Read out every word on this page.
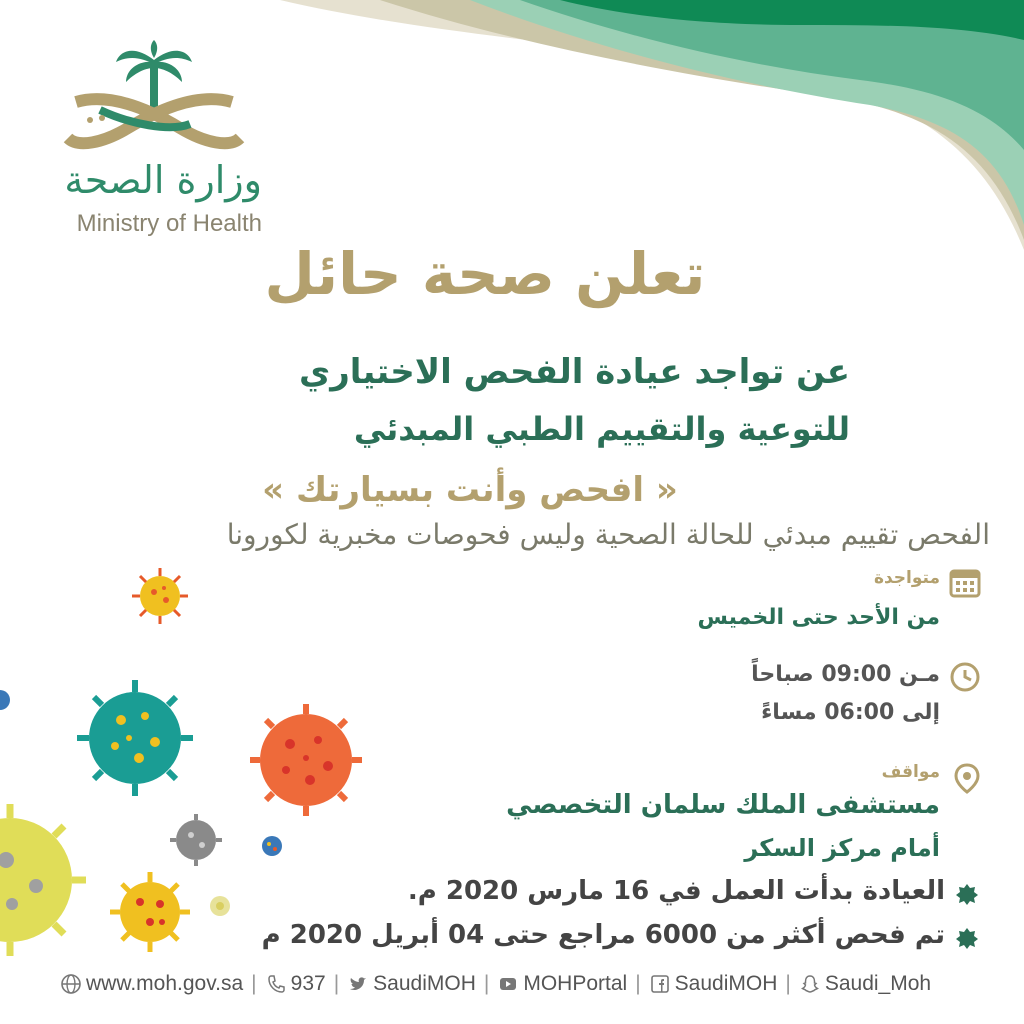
وزارة الصحة
Ministry of Health
تعلن صحة حائل
عن تواجد عيادة الفحص الاختياري
للتوعية والتقييم الطبي المبدئي
« افحص وأنت بسيارتك »
الفحص تقييم مبدئي للحالة الصحية وليس فحوصات مخبرية لكورونا
متواجدة
من الأحد حتى الخميس
مـن 09:00 صباحاً
إلى 06:00 مساءً
مواقف
مستشفى الملك سلمان التخصصي
أمام مركز السكر
العيادة بدأت العمل في 16 مارس 2020 م.
تم فحص أكثر من 6000 مراجع حتى 04 أبريل 2020 م
www.moh.gov.sa | 937 | SaudiMOH | MOHPortal | SaudiMOH | Saudi_Moh
